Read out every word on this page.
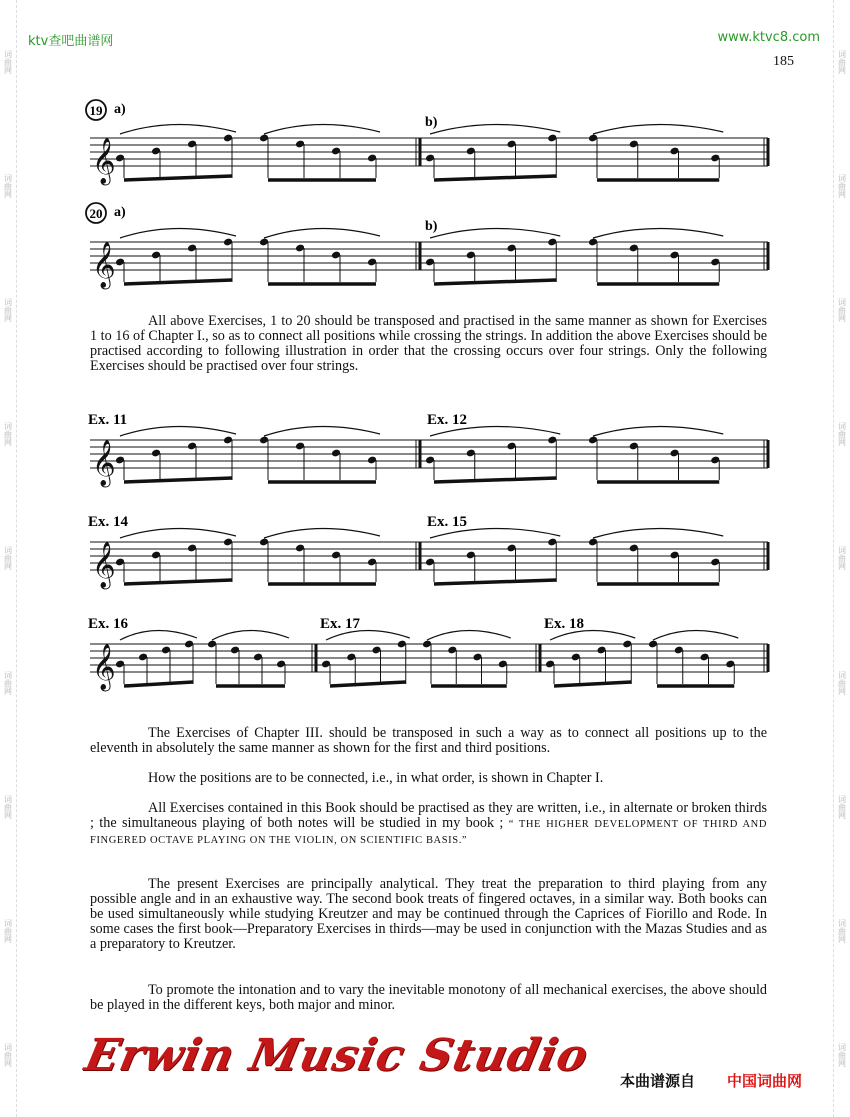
词曲网
词曲网
词曲网
词曲网
词曲网
词曲网
词曲网
词曲网
词曲网
词曲网
词曲网
词曲网
词曲网
词曲网
词曲网
词曲网
词曲网
词曲网
ktv查吧曲谱网	www.ktvc8.com
185
𝄞
𝄞
𝄞
𝄞
𝄞
19 a)
b)
20 a)
b)
Ex. 11	Ex. 12
Ex. 14	Ex. 15
Ex. 16	Ex. 17	Ex. 18

All above Exercises, 1 to 20 should be transposed and practised in the same manner as shown for Exercises 1 to 16 of Chapter I., so as to connect all positions while crossing the strings. In addition the above Exercises should be practised according to following illustration in order that the crossing occurs over four strings. Only the following Exercises should be practised over four strings.

The Exercises of Chapter III. should be transposed in such a way as to connect all positions up to the eleventh in absolutely the same manner as shown for the first and third positions.

How the positions are to be connected, i.e., in what order, is shown in Chapter I.

All Exercises contained in this Book should be practised as they are written, i.e., in alternate or broken thirds ; the simultaneous playing of both notes will be studied in my book ; “ THE HIGHER DEVELOPMENT OF THIRD AND FINGERED OCTAVE PLAYING ON THE VIOLIN, ON SCIENTIFIC BASIS.”

The present Exercises are principally analytical. They treat the preparation to third playing from any possible angle and in an exhaustive way. The second book treats of fingered octaves, in a similar way. Both books can be used simultaneously while studying Kreutzer and may be continued through the Caprices of Fiorillo and Rode. In some cases the first book—Preparatory Exercises in thirds—may be used in conjunction with the Mazas Studies and as a preparatory to Kreutzer.

To promote the intonation and to vary the inevitable monotony of all mechanical exercises, the above should be played in the different keys, both major and minor.

Erwin Music Studio 本曲谱源自 中国词曲网
